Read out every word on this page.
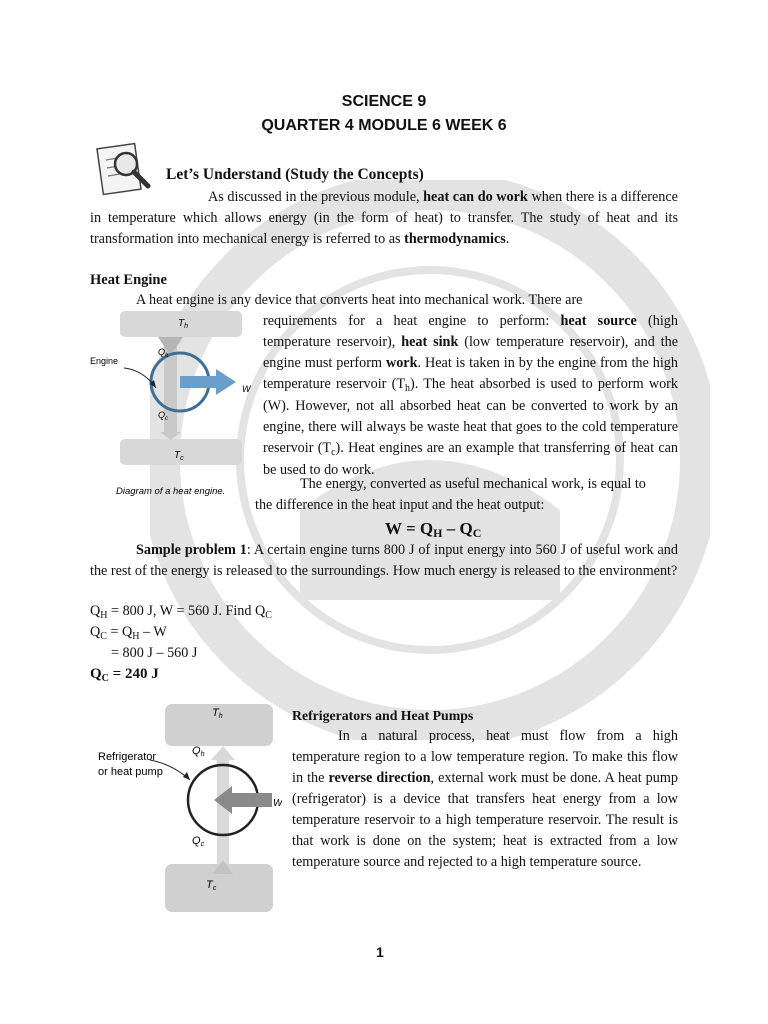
SCIENCE 9
QUARTER 4 MODULE 6 WEEK 6
Let’s Understand (Study the Concepts)

As discussed in the previous module, heat can do work when there is a difference in temperature which allows energy (in the form of heat) to transfer. The study of heat and its transformation into mechanical energy is referred to as thermodynamics.

Heat Engine

A heat engine is any device that converts heat into mechanical work. There are

$T_h$
$Q_h$
Engine
W
$Q_c$
$T_c$
Diagram of a heat engine.

requirements for a heat engine to perform: heat source (high temperature reservoir), heat sink (low temperature reservoir), and the engine must perform work. Heat is taken in by the engine from the high temperature reservoir $(T_h)$. The heat absorbed is used to perform work (W). However, not all absorbed heat can be converted to work by an engine, there will always be waste heat that goes to the cold temperature reservoir $(T_c)$. Heat engines are an example that transferring of heat can be used to do work.

The energy, converted as useful mechanical work, is equal to
the difference in the heat input and the heat output:
W = QH – QC

Sample problem 1: A certain engine turns 800 J of input energy into 560 J of useful work and the rest of the energy is released to the surroundings. How much energy is released to the environment?

$Q_H = 800$ J, W = 560 J. Find $Q_C$
$Q_C = Q_H - W$
= 800 J – 560 J
$Q_C = 240$ J
Th
Qh
Refrigerator
or heat pump
W
Qc
Tc
Refrigerators and Heat Pumps

In a natural process, heat must flow from a high temperature region to a low temperature region. To make this flow in the reverse direction, external work must be done. A heat pump (refrigerator) is a device that transfers heat energy from a low temperature reservoir to a high temperature reservoir. The result is that work is done on the system; heat is extracted from a low temperature source and rejected to a high temperature source.

1
